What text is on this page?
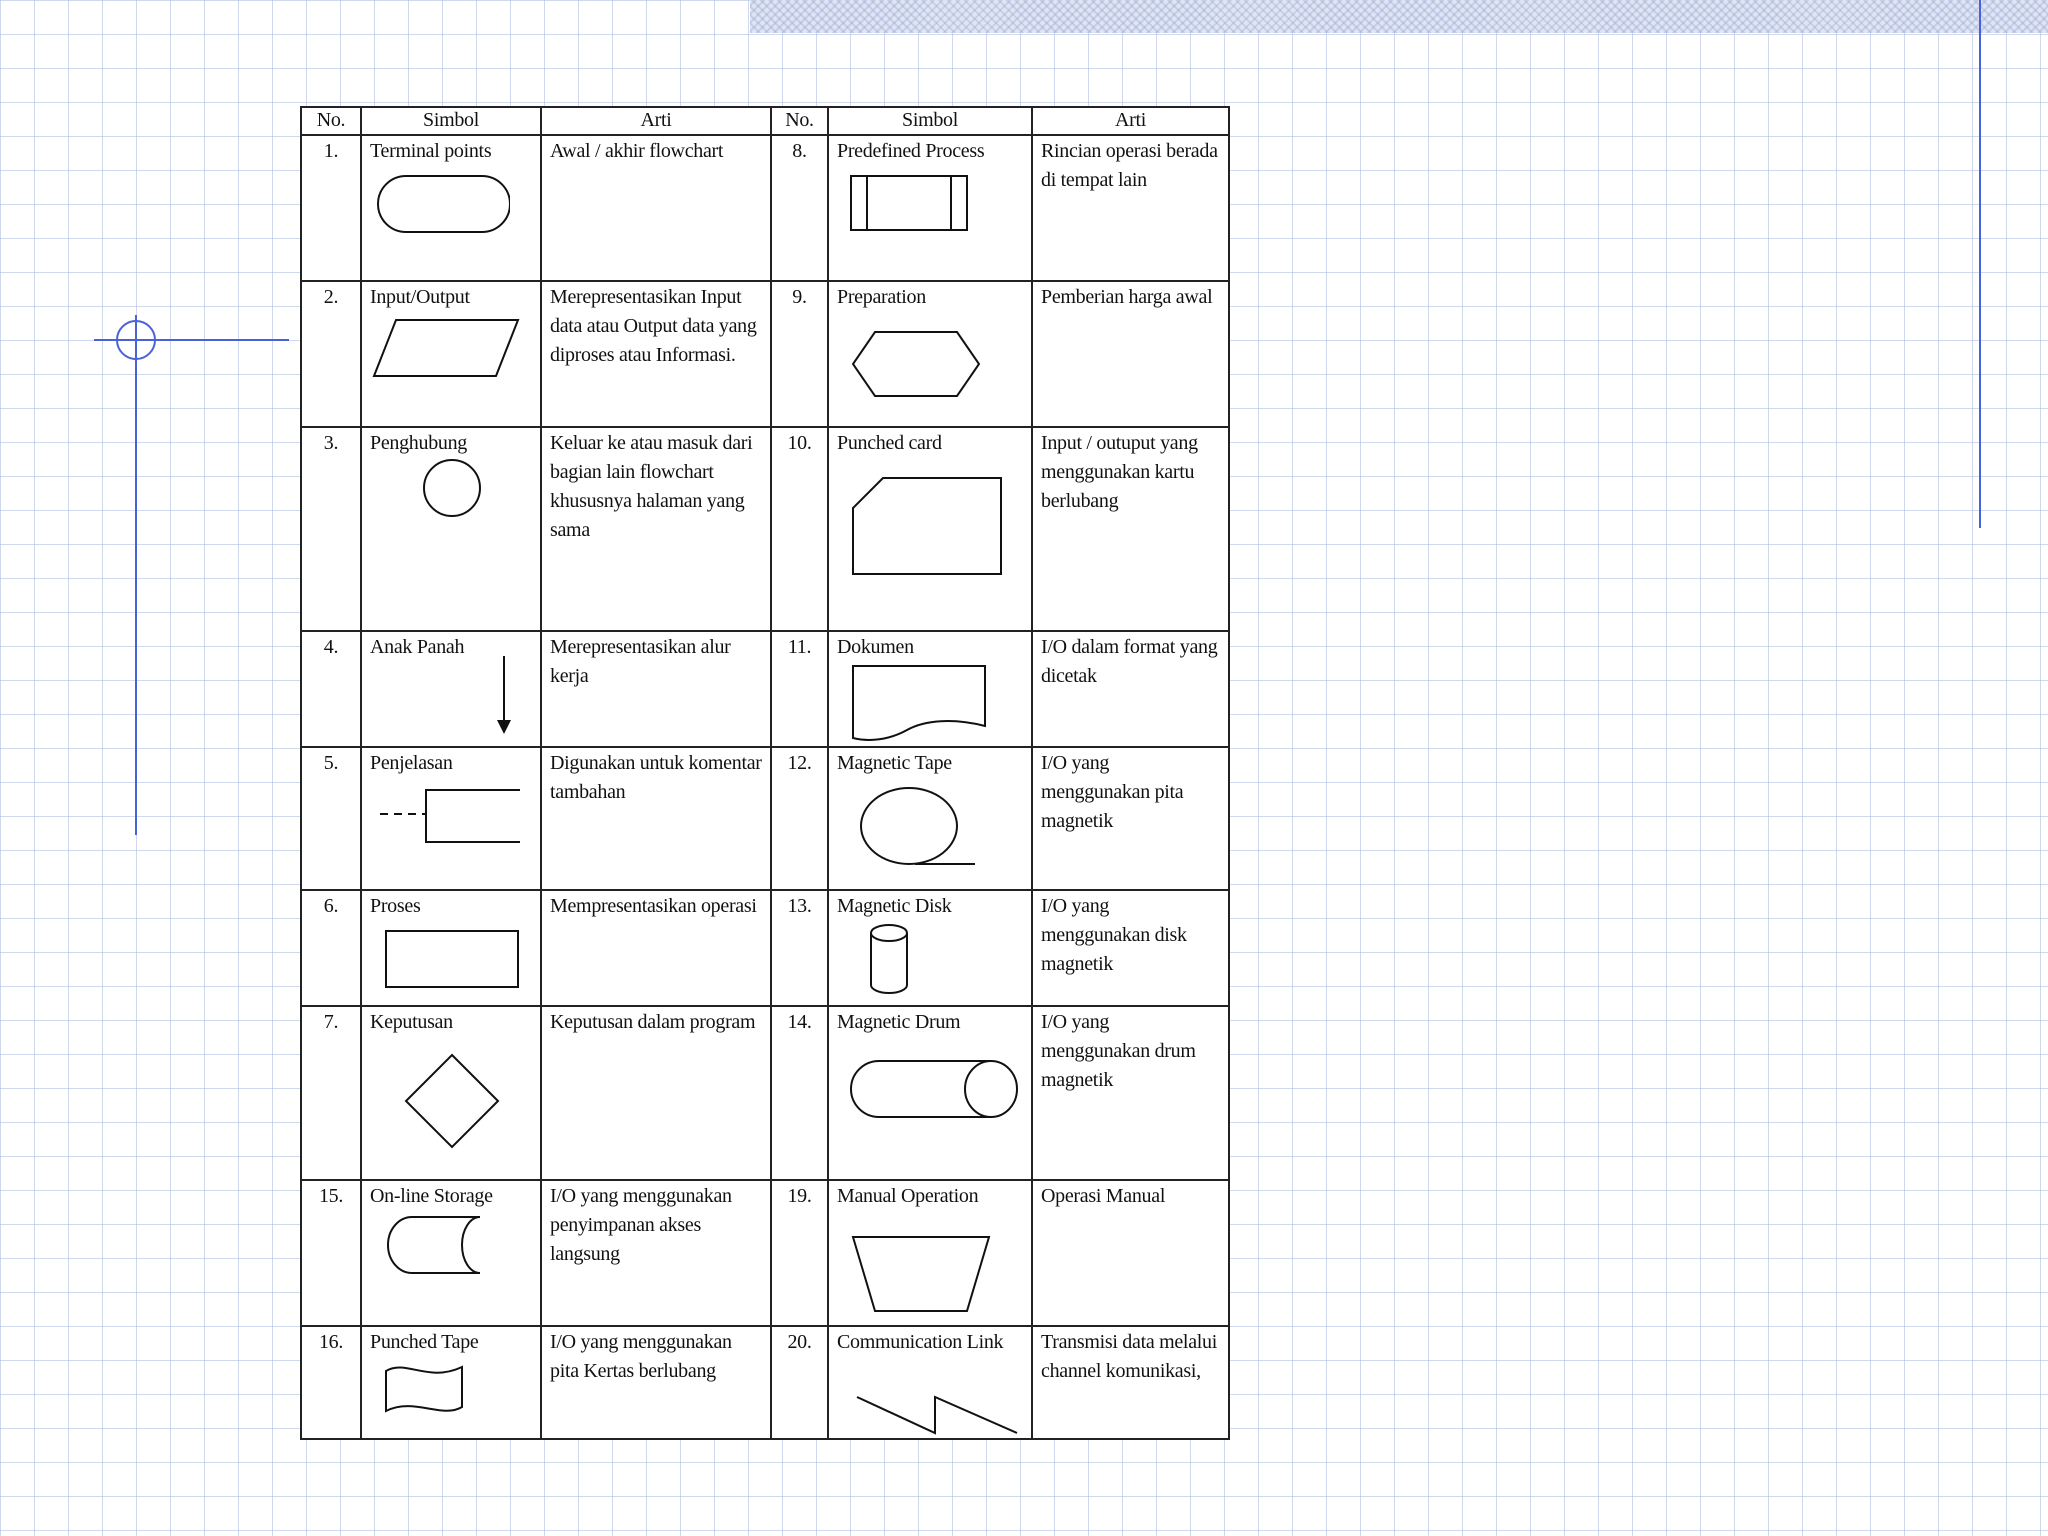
No.	Simbol	Arti	No.	Simbol	Arti
1.	Terminal points	Awal / akhir flowchart	8.	Predefined Process	Rincian operasi berada di tempat lain
2.	Input/Output	Merepresentasikan Input data atau Output data yang diproses atau Informasi.	9.	Preparation	Pemberian harga awal
3.	Penghubung	Keluar ke atau masuk dari bagian lain flowchart khususnya halaman yang sama	10.	Punched card	Input / outuput yang menggunakan kartu berlubang
4.	Anak Panah	Merepresentasikan alur kerja	11.	Dokumen	I/O dalam format yang dicetak
5.	Penjelasan	Digunakan untuk komentar tambahan	12.	Magnetic Tape	I/O yang menggunakan pita magnetik
6.	Proses	Mempresentasikan operasi	13.	Magnetic Disk	I/O yang menggunakan disk magnetik
7.	Keputusan	Keputusan dalam program	14.	Magnetic Drum	I/O yang menggunakan drum magnetik
15.	On-line Storage	I/O yang menggunakan penyimpanan akses langsung	19.	Manual Operation	Operasi Manual
16.	Punched Tape	I/O yang menggunakan pita Kertas berlubang	20.	Communication Link	Transmisi data melalui channel komunikasi,
